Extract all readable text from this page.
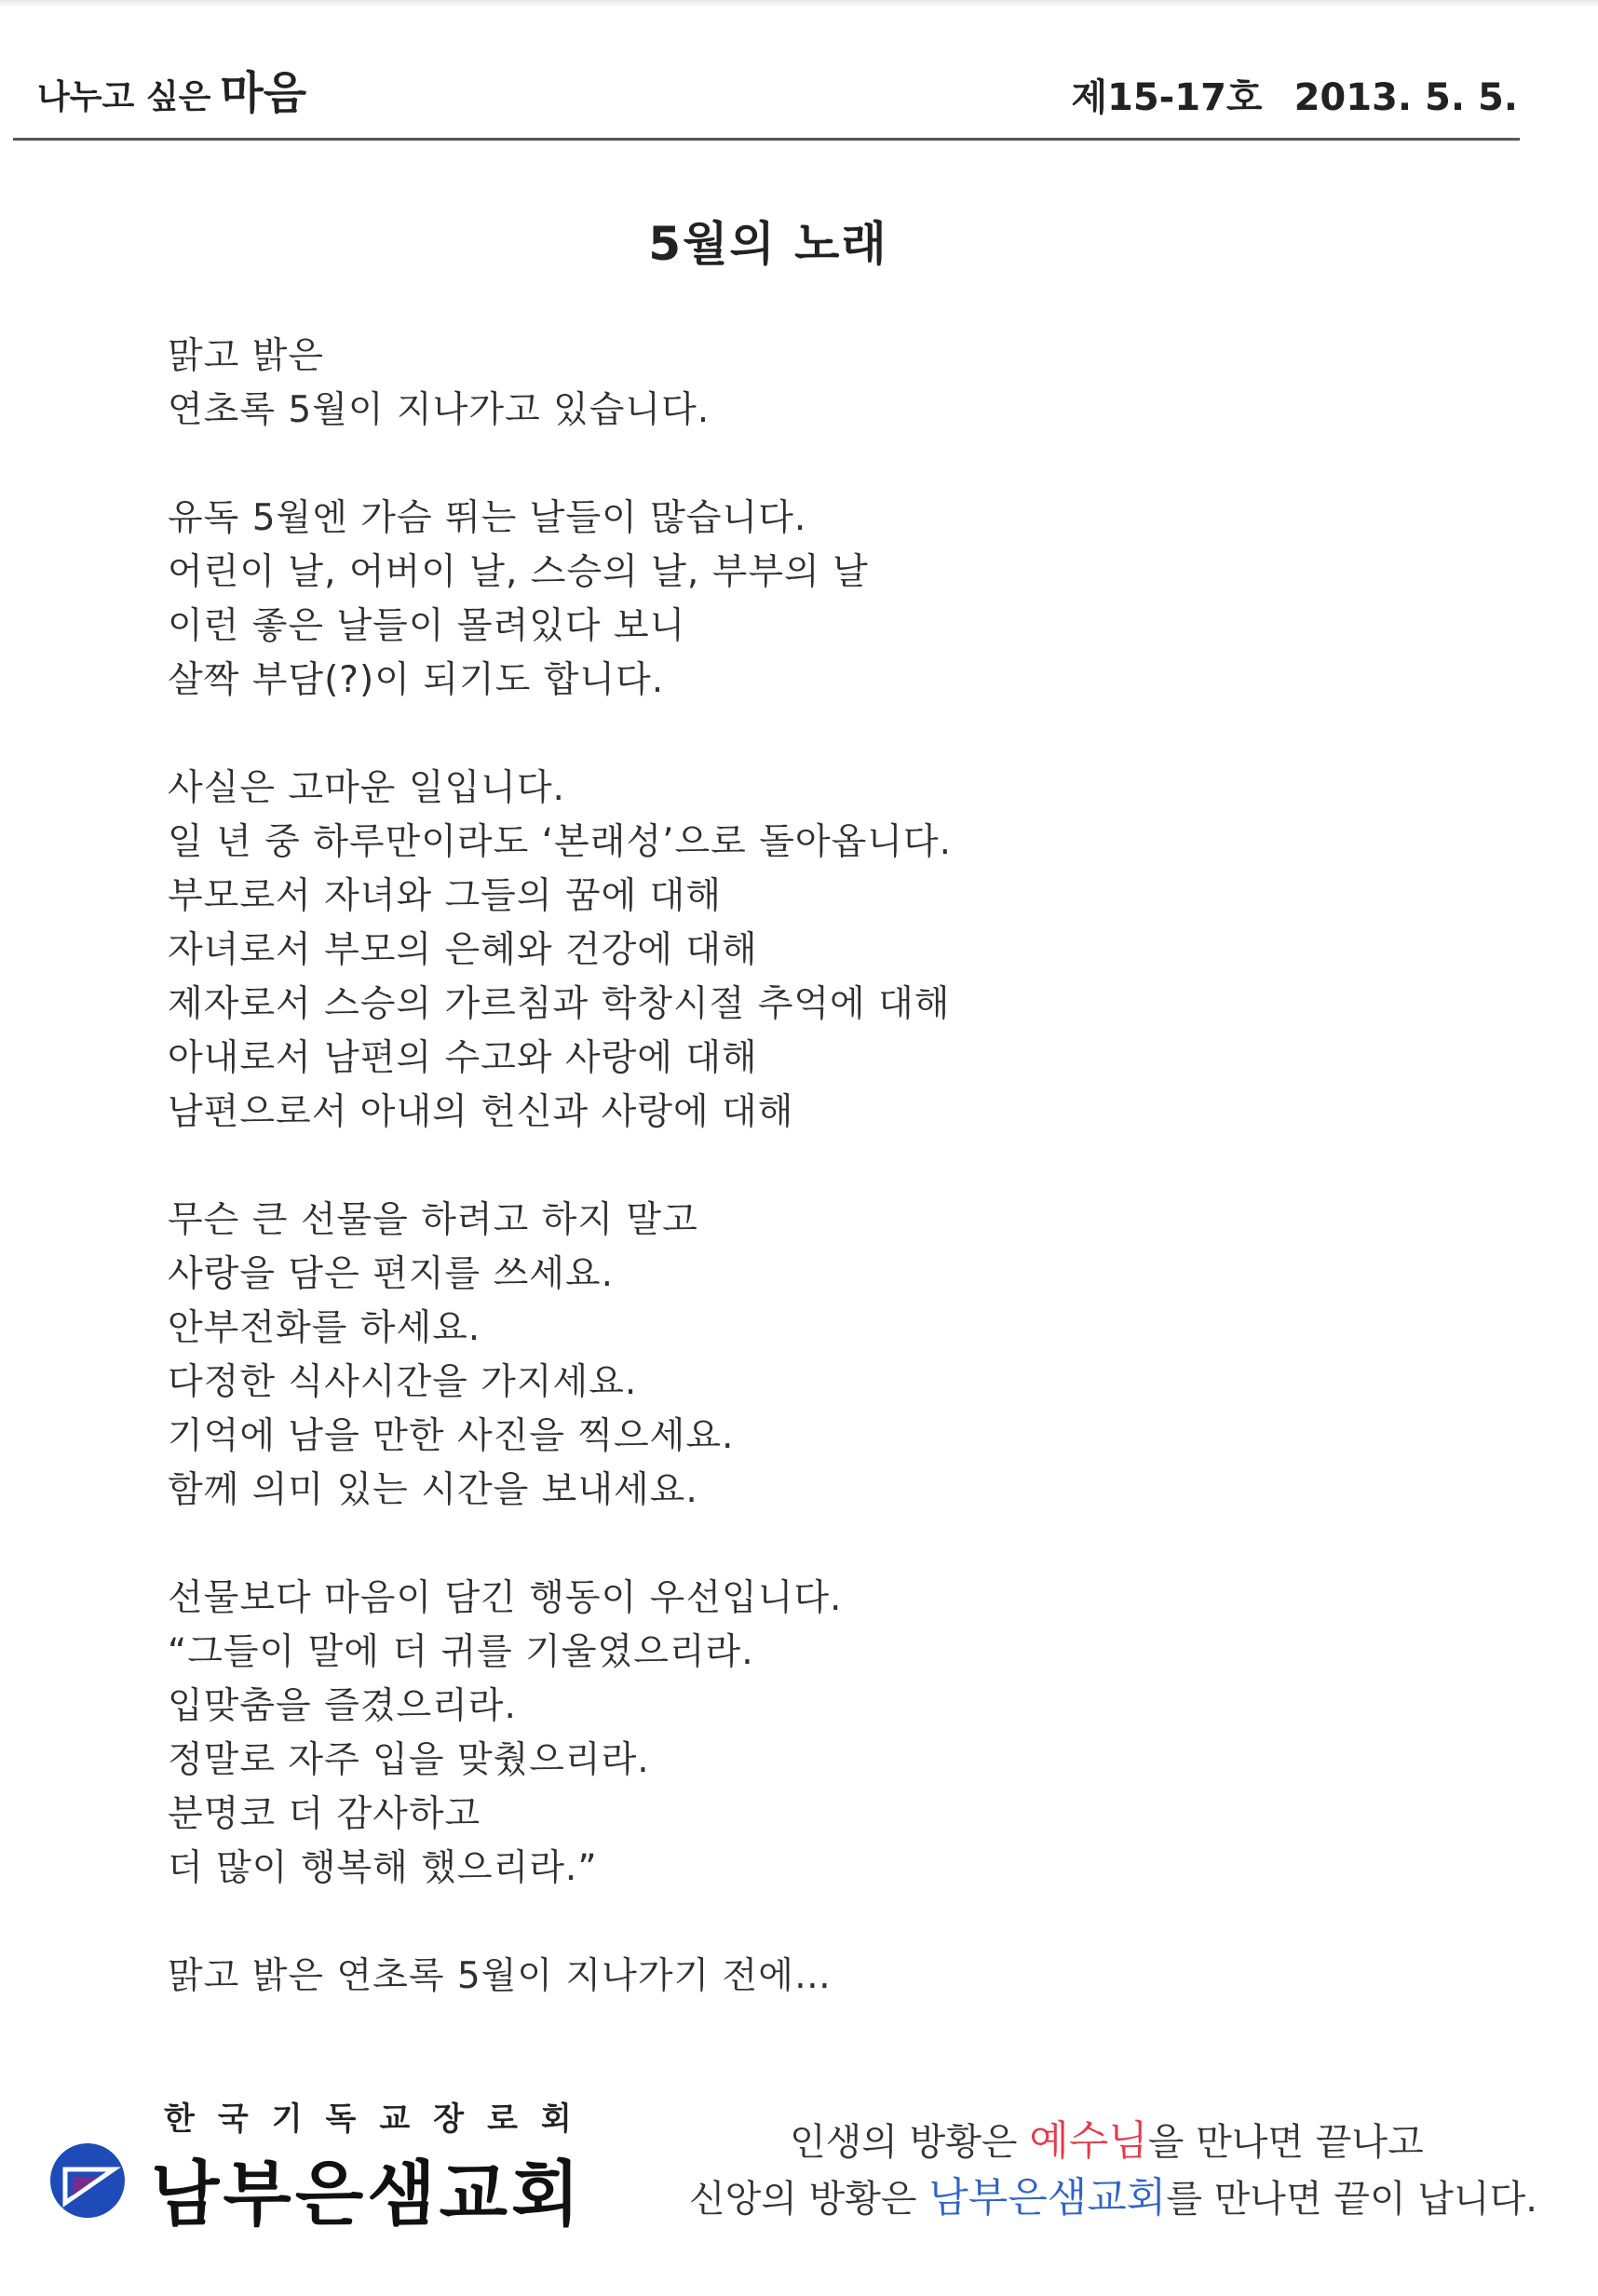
나누고 싶은 마음	제15-17호 2013. 5. 5.
5월의 노래
맑고 밝은
연초록 5월이 지나가고 있습니다.
유독 5월엔 가슴 뛰는 날들이 많습니다.
어린이 날, 어버이 날, 스승의 날, 부부의 날
이런 좋은 날들이 몰려있다 보니
살짝 부담(?)이 되기도 합니다.
사실은 고마운 일입니다.
일 년 중 하루만이라도 ‘본래성’으로 돌아옵니다.
부모로서 자녀와 그들의 꿈에 대해
자녀로서 부모의 은혜와 건강에 대해
제자로서 스승의 가르침과 학창시절 추억에 대해
아내로서 남편의 수고와 사랑에 대해
남편으로서 아내의 헌신과 사랑에 대해
무슨 큰 선물을 하려고 하지 말고
사랑을 담은 편지를 쓰세요.
안부전화를 하세요.
다정한 식사시간을 가지세요.
기억에 남을 만한 사진을 찍으세요.
함께 의미 있는 시간을 보내세요.
선물보다 마음이 담긴 행동이 우선입니다.
“그들이 말에 더 귀를 기울였으리라.
입맞춤을 즐겼으리라.
정말로 자주 입을 맞췄으리라.
분명코 더 감사하고
더 많이 행복해 했으리라.”
맑고 밝은 연초록 5월이 지나가기 전에…
한국기독교장로회
남부은샘교회
인생의 방황은 예수님을 만나면 끝나고
신앙의 방황은 남부은샘교회를 만나면 끝이 납니다.
